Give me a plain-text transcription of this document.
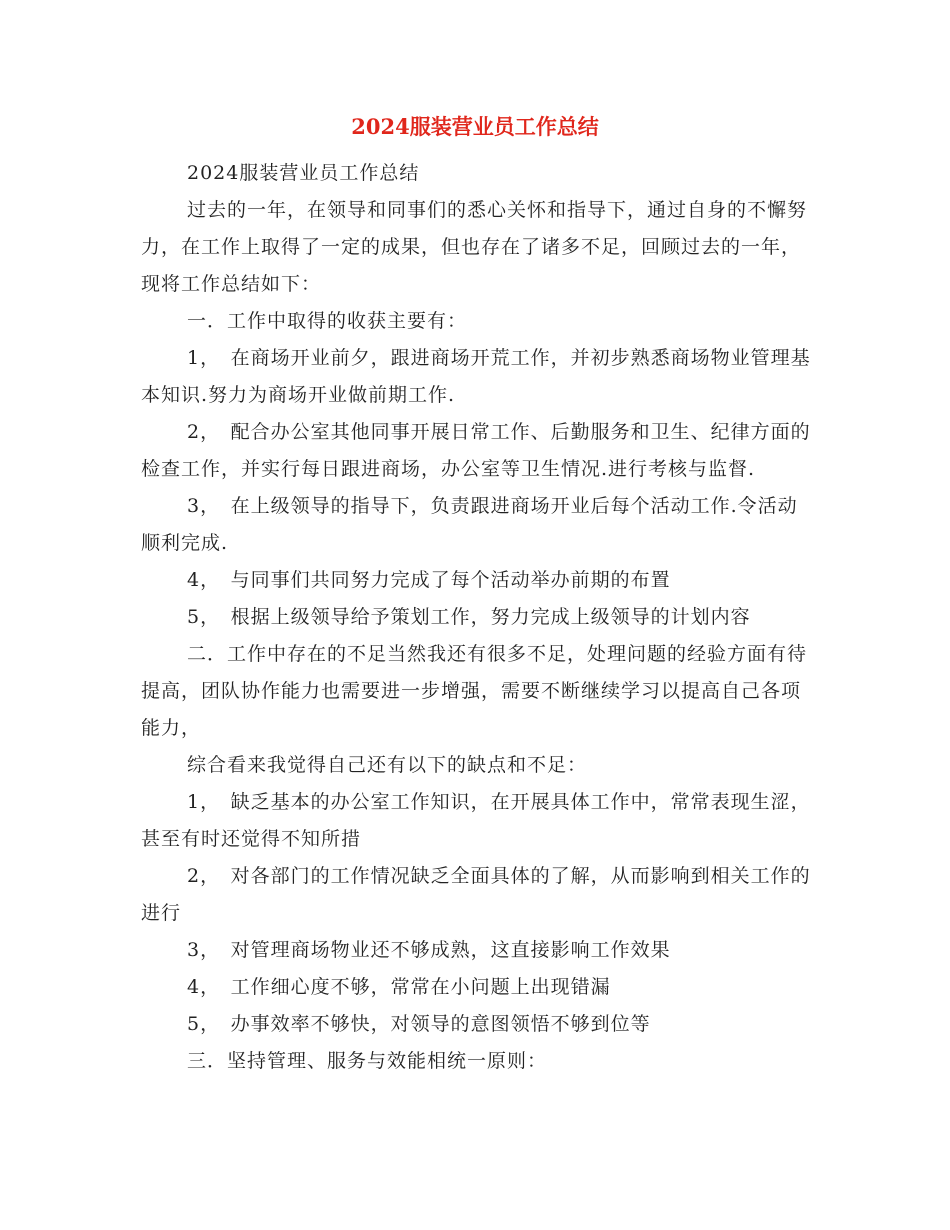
2024服装营业员工作总结

2024服装营业员工作总结

过去的一年，在领导和同事们的悉心关怀和指导下，通过自身的不懈努力，在工作上取得了一定的成果，但也存在了诸多不足，回顾过去的一年，现将工作总结如下：

一．工作中取得的收获主要有：

1，　在商场开业前夕，跟进商场开荒工作，并初步熟悉商场物业管理基本知识.努力为商场开业做前期工作.

2，　配合办公室其他同事开展日常工作、后勤服务和卫生、纪律方面的检查工作，并实行每日跟进商场，办公室等卫生情况.进行考核与监督.

3，　在上级领导的指导下，负责跟进商场开业后每个活动工作.令活动顺利完成.

4，　与同事们共同努力完成了每个活动举办前期的布置

5，　根据上级领导给予策划工作，努力完成上级领导的计划内容

二．工作中存在的不足当然我还有很多不足，处理问题的经验方面有待提高，团队协作能力也需要进一步增强，需要不断继续学习以提高自己各项能力，

综合看来我觉得自己还有以下的缺点和不足：

1，　缺乏基本的办公室工作知识，在开展具体工作中，常常表现生涩，甚至有时还觉得不知所措

2，　对各部门的工作情况缺乏全面具体的了解，从而影响到相关工作的进行

3，　对管理商场物业还不够成熟，这直接影响工作效果

4，　工作细心度不够，常常在小问题上出现错漏

5，　办事效率不够快，对领导的意图领悟不够到位等

三．坚持管理、服务与效能相统一原则：
